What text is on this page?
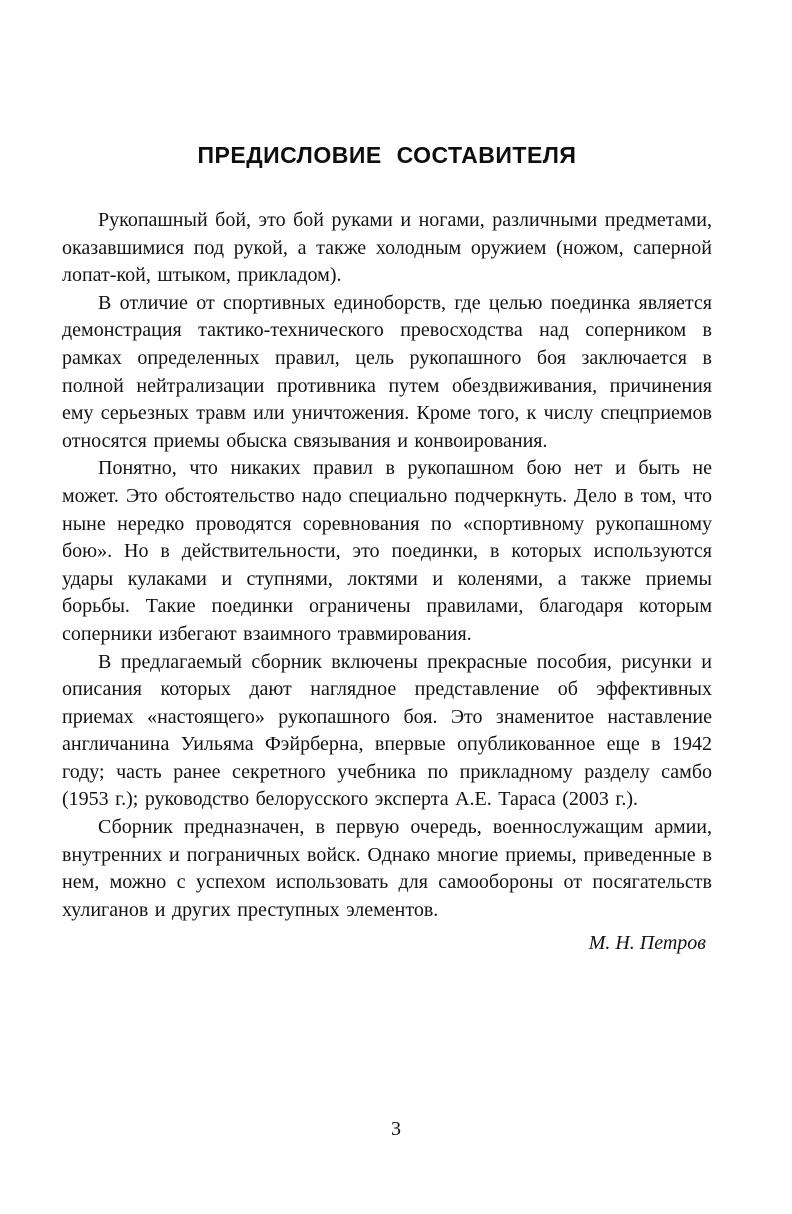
ПРЕДИСЛОВИЕ СОСТАВИТЕЛЯ

Рукопашный бой, это бой руками и ногами, различными предметами, оказавшимися под рукой, а также холодным оружием (ножом, саперной лопат-кой, штыком, прикладом).

В отличие от спортивных единоборств, где целью поединка является демонстрация тактико-технического превосходства над соперником в рамках определенных правил, цель рукопашного боя заключается в полной нейтрализации противника путем обездвиживания, причинения ему серьезных травм или уничтожения. Кроме того, к числу спецприемов относятся приемы обыска связывания и конвоирования.

Понятно, что никаких правил в рукопашном бою нет и быть не может. Это обстоятельство надо специально подчеркнуть. Дело в том, что ныне нередко проводятся соревнования по «спортивному рукопашному бою». Но в действительности, это поединки, в которых используются удары кулаками и ступнями, локтями и коленями, а также приемы борьбы. Такие поединки ограничены правилами, благодаря которым соперники избегают взаимного травмирования.

В предлагаемый сборник включены прекрасные пособия, рисунки и описания которых дают наглядное представление об эффективных приемах «настоящего» рукопашного боя. Это знаменитое наставление англичанина Уильяма Фэйрберна, впервые опубликованное еще в 1942 году; часть ранее секретного учебника по прикладному разделу самбо (1953 г.); руководство белорусского эксперта А.Е. Тараса (2003 г.).

Сборник предназначен, в первую очередь, военнослужащим армии, внутренних и пограничных войск. Однако многие приемы, приведенные в нем, можно с успехом использовать для самообороны от посягательств хулиганов и других преступных элементов.

М. Н. Петров
3
